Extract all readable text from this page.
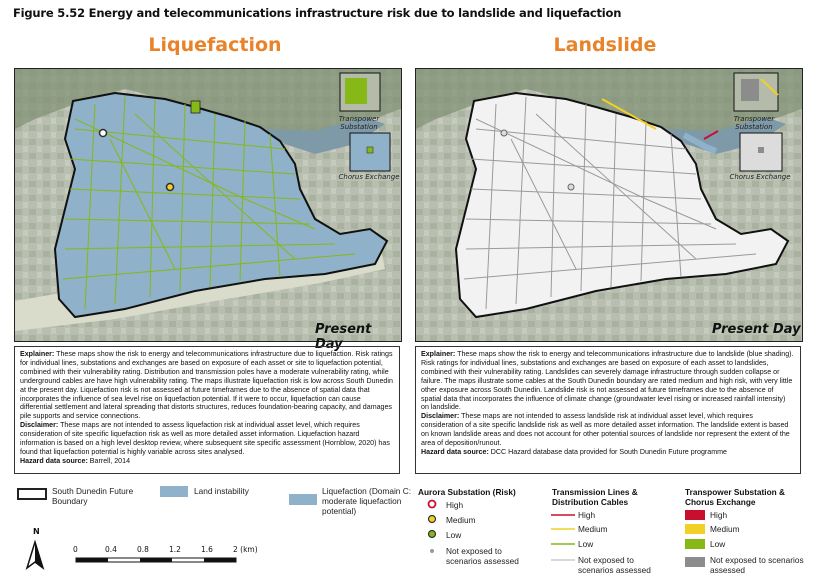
Figure 5.52 Energy and telecommunications infrastructure risk due to landslide and liquefaction
Liquefaction	Landslide
Transpower Substation
Chorus Exchange
Present Day
Transpower Substation
Chorus Exchange
Present Day
Explainer: These maps show the risk to energy and telecommunications infrastructure due to liquefaction. Risk ratings for individual lines, substations and exchanges are based on exposure of each asset or site to liquefaction potential, combined with their vulnerability rating. Distribution and transmission poles have a moderate vulnerability rating, while underground cables are have high vulnerability rating. The maps illustrate liquefaction risk is low across South Dunedin at the present day. Liquefaction risk is not assessed at future timeframes due to the absence of spatial data that incorporates the influence of sea level rise on liquefaction potential. If it were to occur, liquefaction can cause differential settlement and lateral spreading that distorts structures, reduces foundation-bearing capacity, and damages pile supports and service connections.
Disclaimer: These maps are not intended to assess liquefaction risk at individual asset level, which requires consideration of site specific liquefaction risk as well as more detailed asset information. Liquefaction hazard information is based on a high level desktop review, where subsequent site specific assessment (Hornblow, 2020) has found that liquefaction potential is highly variable across sites analysed.
Hazard data source: Barrell, 2014
Explainer: These maps show the risk to energy and telecommunications infrastructure due to landslide (blue shading). Risk ratings for individual lines, substations and exchanges are based on exposure of each asset to landslides, combined with their vulnerability rating. Landslides can severely damage infrastructure through sudden collapse or failure. The maps illustrate some cables at the South Dunedin boundary are rated medium and high risk, with very little other exposure across South Dunedin. Landslide risk is not assessed at future timeframes due to the absence of spatial data that incorporates the influence of climate change (groundwater level rising or increased rainfall intensity) on landslide.
Disclaimer: These maps are not intended to assess landslide risk at individual asset level, which requires consideration of a site specific landslide risk as well as more detailed asset information. The landslide extent is based on known landslide areas and does not account for other potential sources of landslide nor represent the extent of the area of deposition/runout.
Hazard data source: DCC Hazard database data provided for South Dunedin Future programme
South Dunedin Future Boundary
Land instability	Liquefaction (Domain C: moderate liquefaction potential)
N
0	0.4	0.8	1.2	1.6	2 (km)
Aurora Substation (Risk)
High
Medium
Low
Not exposed to scenarios assessed
Transmission Lines & Distribution Cables
High
Medium
Low
Not exposed to scenarios assessed
Transpower Substation & Chorus Exchange
High
Medium
Low
Not exposed to scenarios assessed
